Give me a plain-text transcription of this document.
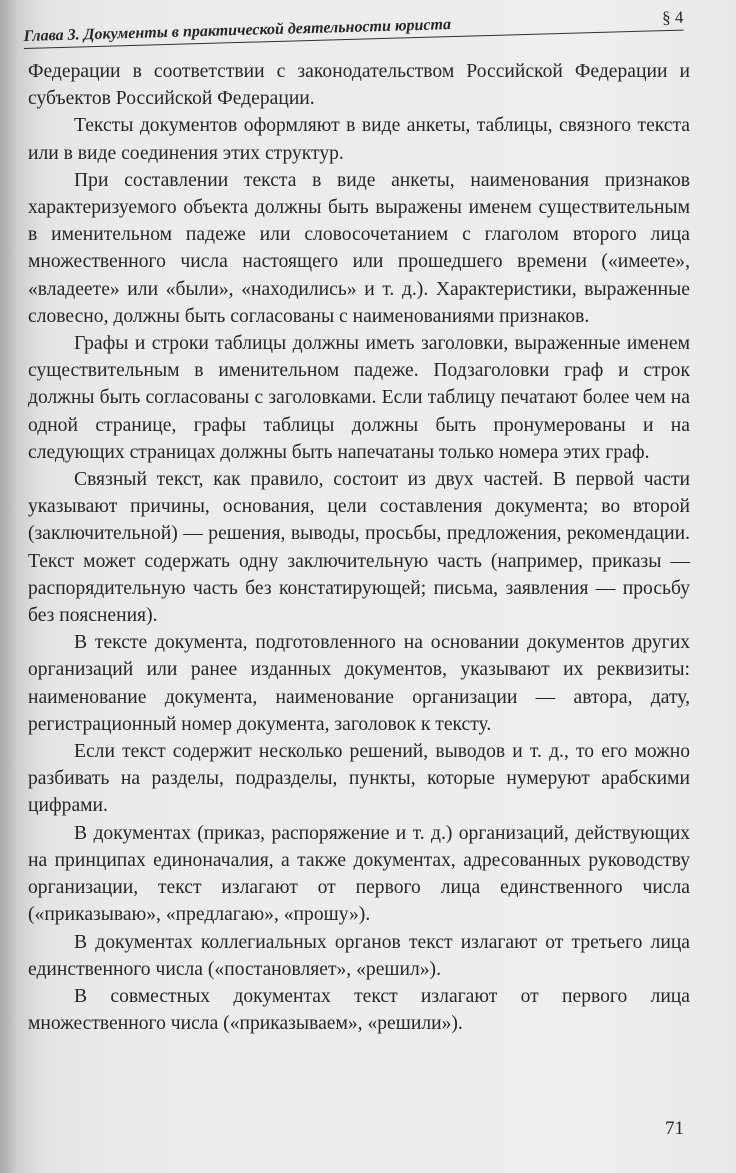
Глава 3. Документы в практической деятельности юриста	§ 4

Федерации в соответствии с законодательством Российской Федерации и субъектов Российской Федерации.

Тексты документов оформляют в виде анкеты, таблицы, связного текста или в виде соединения этих структур.

При составлении текста в виде анкеты, наименования признаков характеризуемого объекта должны быть выражены именем существительным в именительном падеже или словосочетанием с глаголом второго лица множественного числа настоящего или прошедшего времени («имеете», «владеете» или «были», «находились» и т. д.). Характеристики, выраженные словесно, должны быть согласованы с наименованиями признаков.

Графы и строки таблицы должны иметь заголовки, выраженные именем существительным в именительном падеже. Подзаголовки граф и строк должны быть согласованы с заголовками. Если таблицу печатают более чем на одной странице, графы таблицы должны быть пронумерованы и на следующих страницах должны быть напечатаны только номера этих граф.

Связный текст, как правило, состоит из двух частей. В первой части указывают причины, основания, цели составления документа; во второй (заключительной) — решения, выводы, просьбы, предложения, рекомендации. Текст может содержать одну заключительную часть (например, приказы — распорядительную часть без констатирующей; письма, заявления — просьбу без пояснения).

В тексте документа, подготовленного на основании документов других организаций или ранее изданных документов, указывают их реквизиты: наименование документа, наименование организации — автора, дату, регистрационный номер документа, заголовок к тексту.

Если текст содержит несколько решений, выводов и т. д., то его можно разбивать на разделы, подразделы, пункты, которые нумеруют арабскими цифрами.

В документах (приказ, распоряжение и т. д.) организаций, действующих на принципах единоначалия, а также документах, адресованных руководству организации, текст излагают от первого лица единственного числа («приказываю», «предлагаю», «прошу»).

В документах коллегиальных органов текст излагают от третьего лица единственного числа («постановляет», «решил»).

В совместных документах текст излагают от первого лица множественного числа («приказываем», «решили»).

71
